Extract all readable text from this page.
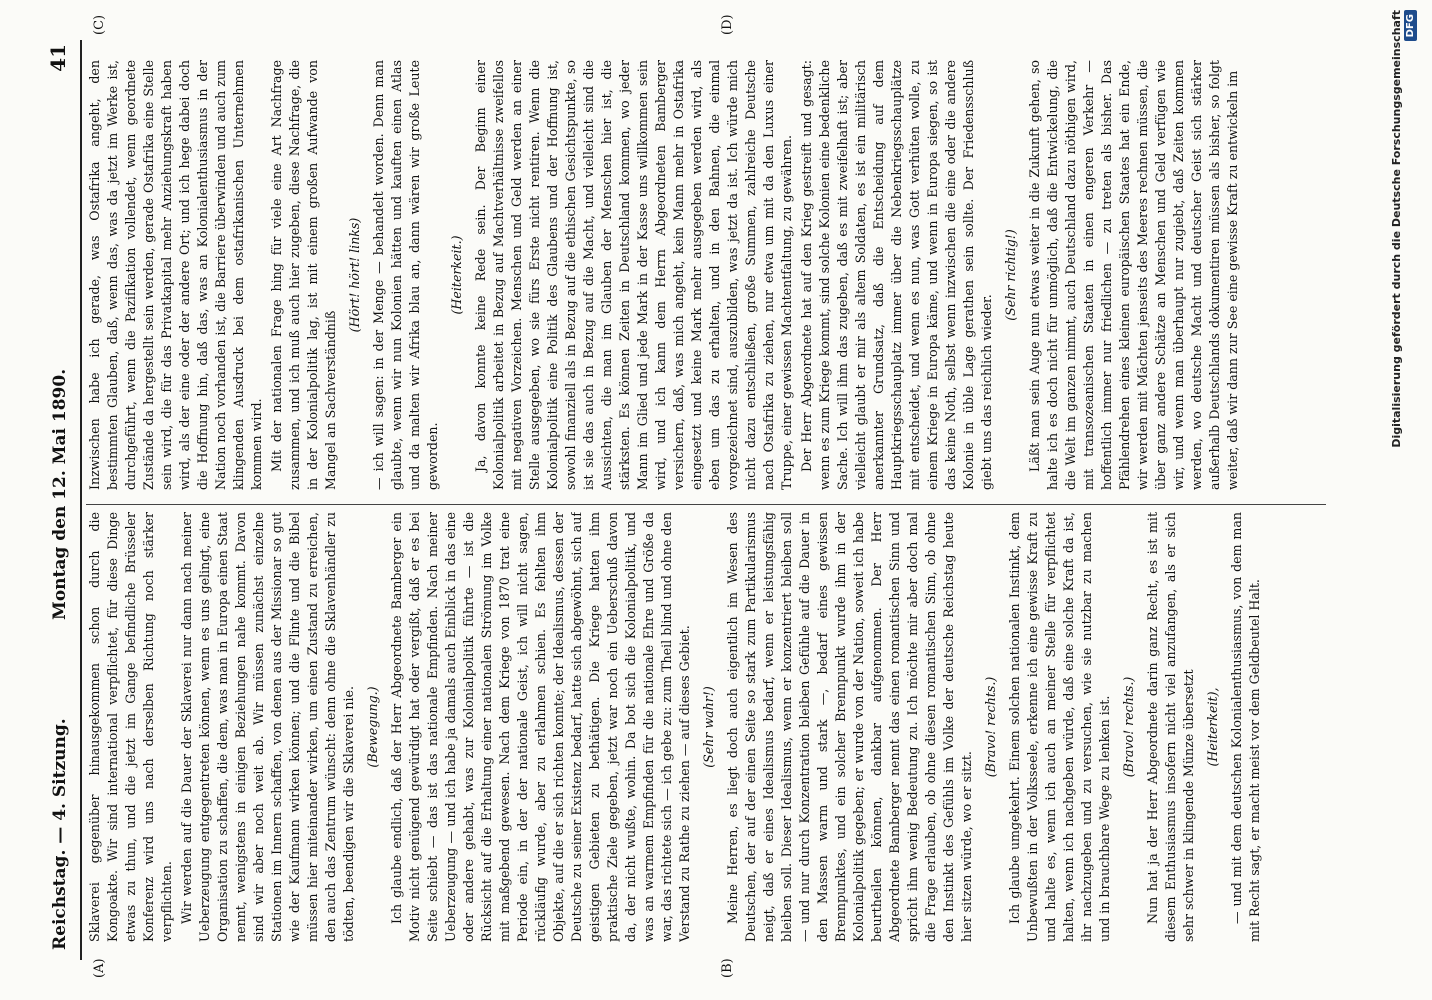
Reichstag. — 4. Sitzung.
Montag den 12. Mai 1890.
41
(A)	(B)
(C)	(D)

Sklaverei gegenüber hinausgekommen schon durch die Kongoakte. Wir sind international verpflichtet, für diese Dinge etwas zu thun, und die jetzt im Gange befindliche Brüsseler Konferenz wird uns nach derselben Richtung noch stärker verpflichten. Wir werden auf die Dauer der Sklaverei nur dann nach meiner Ueberzeugung entgegentreten können, wenn es uns gelingt, eine Organisation zu schaffen, die dem, was man in Europa einen Staat nennt, wenigstens in einigen Beziehungen nahe kommt. Davon sind wir aber noch weit ab. Wir müssen zunächst einzelne Stationen im Innern schaffen, von denen aus der Missionar so gut wie der Kaufmann wirken können; und die Flinte und die Bibel müssen hier miteinander wirken, um einen Zustand zu erreichen, den auch das Zentrum wünscht: denn ohne die Sklavenhändler zu tödten, beendigen wir die Sklaverei nie. (Bewegung.) Ich glaube endlich, daß der Herr Abgeordnete Bamberger ein Motiv nicht genügend gewürdigt hat oder vergißt, daß er es bei Seite schiebt — das ist das nationale Empfinden. Nach meiner Ueberzeugung — und ich habe ja damals auch Einblick in das eine oder andere gehabt, was zur Kolonialpolitik führte — ist die Rücksicht auf die Erhaltung einer nationalen Strömung im Volke mit maßgebend gewesen. Nach dem Kriege von 1870 trat eine Periode ein, in der der nationale Geist, ich will nicht sagen, rückläufig wurde, aber zu erlahmen schien. Es fehlten ihm Objekte, auf die er sich richten konnte; der Idealismus, dessen der Deutsche zu seiner Existenz bedarf, hatte sich abgewöhnt, sich auf geistigen Gebieten zu bethätigen. Die Kriege hatten ihm praktische Ziele gegeben, jetzt war noch ein Ueberschuß davon da, der nicht wußte, wohin. Da bot sich die Kolonialpolitik, und was an warmem Empfinden für die nationale Ehre und Größe da war, das richtete sich — ich gebe zu: zum Theil blind und ohne den Verstand zu Rathe zu ziehen — auf dieses Gebiet. (Sehr wahr!) Meine Herren, es liegt doch auch eigentlich im Wesen des Deutschen, der auf der einen Seite so stark zum Partikularismus neigt, daß er eines Idealismus bedarf, wenn er leistungsfähig bleiben soll. Dieser Idealismus, wenn er konzentriert bleiben soll — und nur durch Konzentration bleiben Gefühle auf die Dauer in den Massen warm und stark —, bedarf eines gewissen Brennpunktes, und ein solcher Brennpunkt wurde ihm in der Kolonialpolitik gegeben; er wurde von der Nation, soweit ich habe beurtheilen können, dankbar aufgenommen. Der Herr Abgeordnete Bamberger nennt das einen romantischen Sinn und spricht ihm wenig Bedeutung zu. Ich möchte mir aber doch mal die Frage erlauben, ob ohne diesen romantischen Sinn, ob ohne den Instinkt des Gefühls im Volke der deutsche Reichstag heute hier sitzen würde, wo er sitzt.

(Bravo! rechts.) Ich glaube umgekehrt. Einem solchen nationalen Instinkt, dem Unbewußten in der Volksseele, erkenne ich eine gewisse Kraft zu und halte es, wenn ich auch an meiner Stelle für verpflichtet halten, wenn ich nachgeben würde, daß eine solche Kraft da ist, ihr nachzugeben und zu versuchen, wie sie nutzbar zu machen und in brauchbare Wege zu lenken ist. (Bravo! rechts.) Nun hat ja der Herr Abgeordnete darin ganz Recht, es ist mit diesem Enthusiasmus insofern nicht viel anzufangen, als er sich sehr schwer in klingende Münze übersetzt (Heiterkeit), — und mit dem deutschen Kolonialenthusiasmus, von dem man mit Recht sagt, er macht meist vor dem Geldbeutel Halt.

Inzwischen habe ich gerade, was Ostafrika angeht, den bestimmten Glauben, daß, wenn das, was da jetzt im Werke ist, durchgeführt, wenn die Pazifikation vollendet, wenn geordnete Zustände da hergestellt sein werden, gerade Ostafrika eine Stelle sein wird, die für das Privatkapital mehr Anziehungskraft haben wird, als der eine oder der andere Ort; und ich hege dabei doch die Hoffnung hin, daß das, was an Kolonialenthusiasmus in der Nation noch vorhanden ist, die Barriere überwinden und auch zum klingenden Ausdruck bei dem ostafrikanischen Unternehmen kommen wird. Mit der nationalen Frage hing für viele eine Art Nachfrage zusammen, und ich muß auch hier zugeben, diese Nachfrage, die in der Kolonialpolitik lag, ist mit einem großen Aufwande von Mangel an Sachverständniß

(Hört! hört! links) — ich will sagen: in der Menge — behandelt worden. Denn man glaubte, wenn wir nun Kolonien hätten und kauften einen Atlas und da malten wir Afrika blau an, dann wären wir große Leute geworden.

(Heiterkeit.) Ja, davon konnte keine Rede sein. Der Beginn einer Kolonialpolitik arbeitet in Bezug auf Machtverhältnisse zweifellos mit negativen Vorzeichen. Menschen und Geld werden an einer Stelle ausgegeben, wo sie fürs Erste nicht rentiren. Wenn die Kolonialpolitik eine Politik des Glaubens und der Hoffnung ist, sowohl finanziell als in Bezug auf die ethischen Gesichtspunkte, so ist sie das auch in Bezug auf die Macht, und vielleicht sind die Aussichten, die man im Glauben der Menschen hier ist, die stärksten. Es können Zeiten in Deutschland kommen, wo jeder Mann im Glied und jede Mark in der Kasse uns willkommen sein wird, und ich kann dem Herrn Abgeordneten Bamberger versichern, daß, was mich angeht, kein Mann mehr in Ostafrika eingesetzt und keine Mark mehr ausgegeben werden wird, als eben um das zu erhalten, und in den Bahnen, die einmal vorgezeichnet sind, auszubilden, was jetzt da ist. Ich würde mich nicht dazu entschließen, große Summen, zahlreiche Deutsche nach Ostafrika zu ziehen, nur etwa um mit da den Luxus einer Truppe, einer gewissen Machtentfaltung, zu gewähren. Der Herr Abgeordnete hat auf den Krieg gestreift und gesagt: wenn es zum Kriege kommt, sind solche Kolonien eine bedenkliche Sache. Ich will ihm das zugeben, daß es mit zweifelhaft ist; aber vielleicht glaubt er mir als altem Soldaten, es ist ein militärisch anerkannter Grundsatz, daß die Entscheidung auf dem Hauptkriegsschauplatz immer über die Nebenkriegsschauplätze mit entscheidet, und wenn es nun, was Gott verhüten wolle, zu einem Kriege in Europa käme, und wenn in Europa siegen, so ist das keine Noth, selbst wenn inzwischen die eine oder die andere Kolonie in üble Lage gerathen sein sollte. Der Friedensschluß giebt uns das reichlich wieder.

(Sehr richtig!) Läßt man sein Auge nun etwas weiter in die Zukunft gehen, so halte ich es doch nicht für unmöglich, daß die Entwickelung, die die Welt im ganzen nimmt, auch Deutschland dazu nöthigen wird, mit transozeanischen Staaten in einen engeren Verkehr — hoffentlich immer nur friedlichen — zu treten als bisher. Das Pfählendrehen eines kleinen europäischen Staates hat ein Ende, wir werden mit Mächten jenseits des Meeres rechnen müssen, die über ganz andere Schätze an Menschen und Geld verfügen wie wir, und wenn man überhaupt nur zugiebt, daß Zeiten kommen werden, wo deutsche Macht und deutscher Geist sich stärker außerhalb Deutschlands dokumentiren müssen als bisher, so folgt weiter, daß wir dann zur See eine gewisse Kraft zu entwickeln im	Digitalisierung gefördert durch die Deutsche Forschungsgemeinschaft DFG
